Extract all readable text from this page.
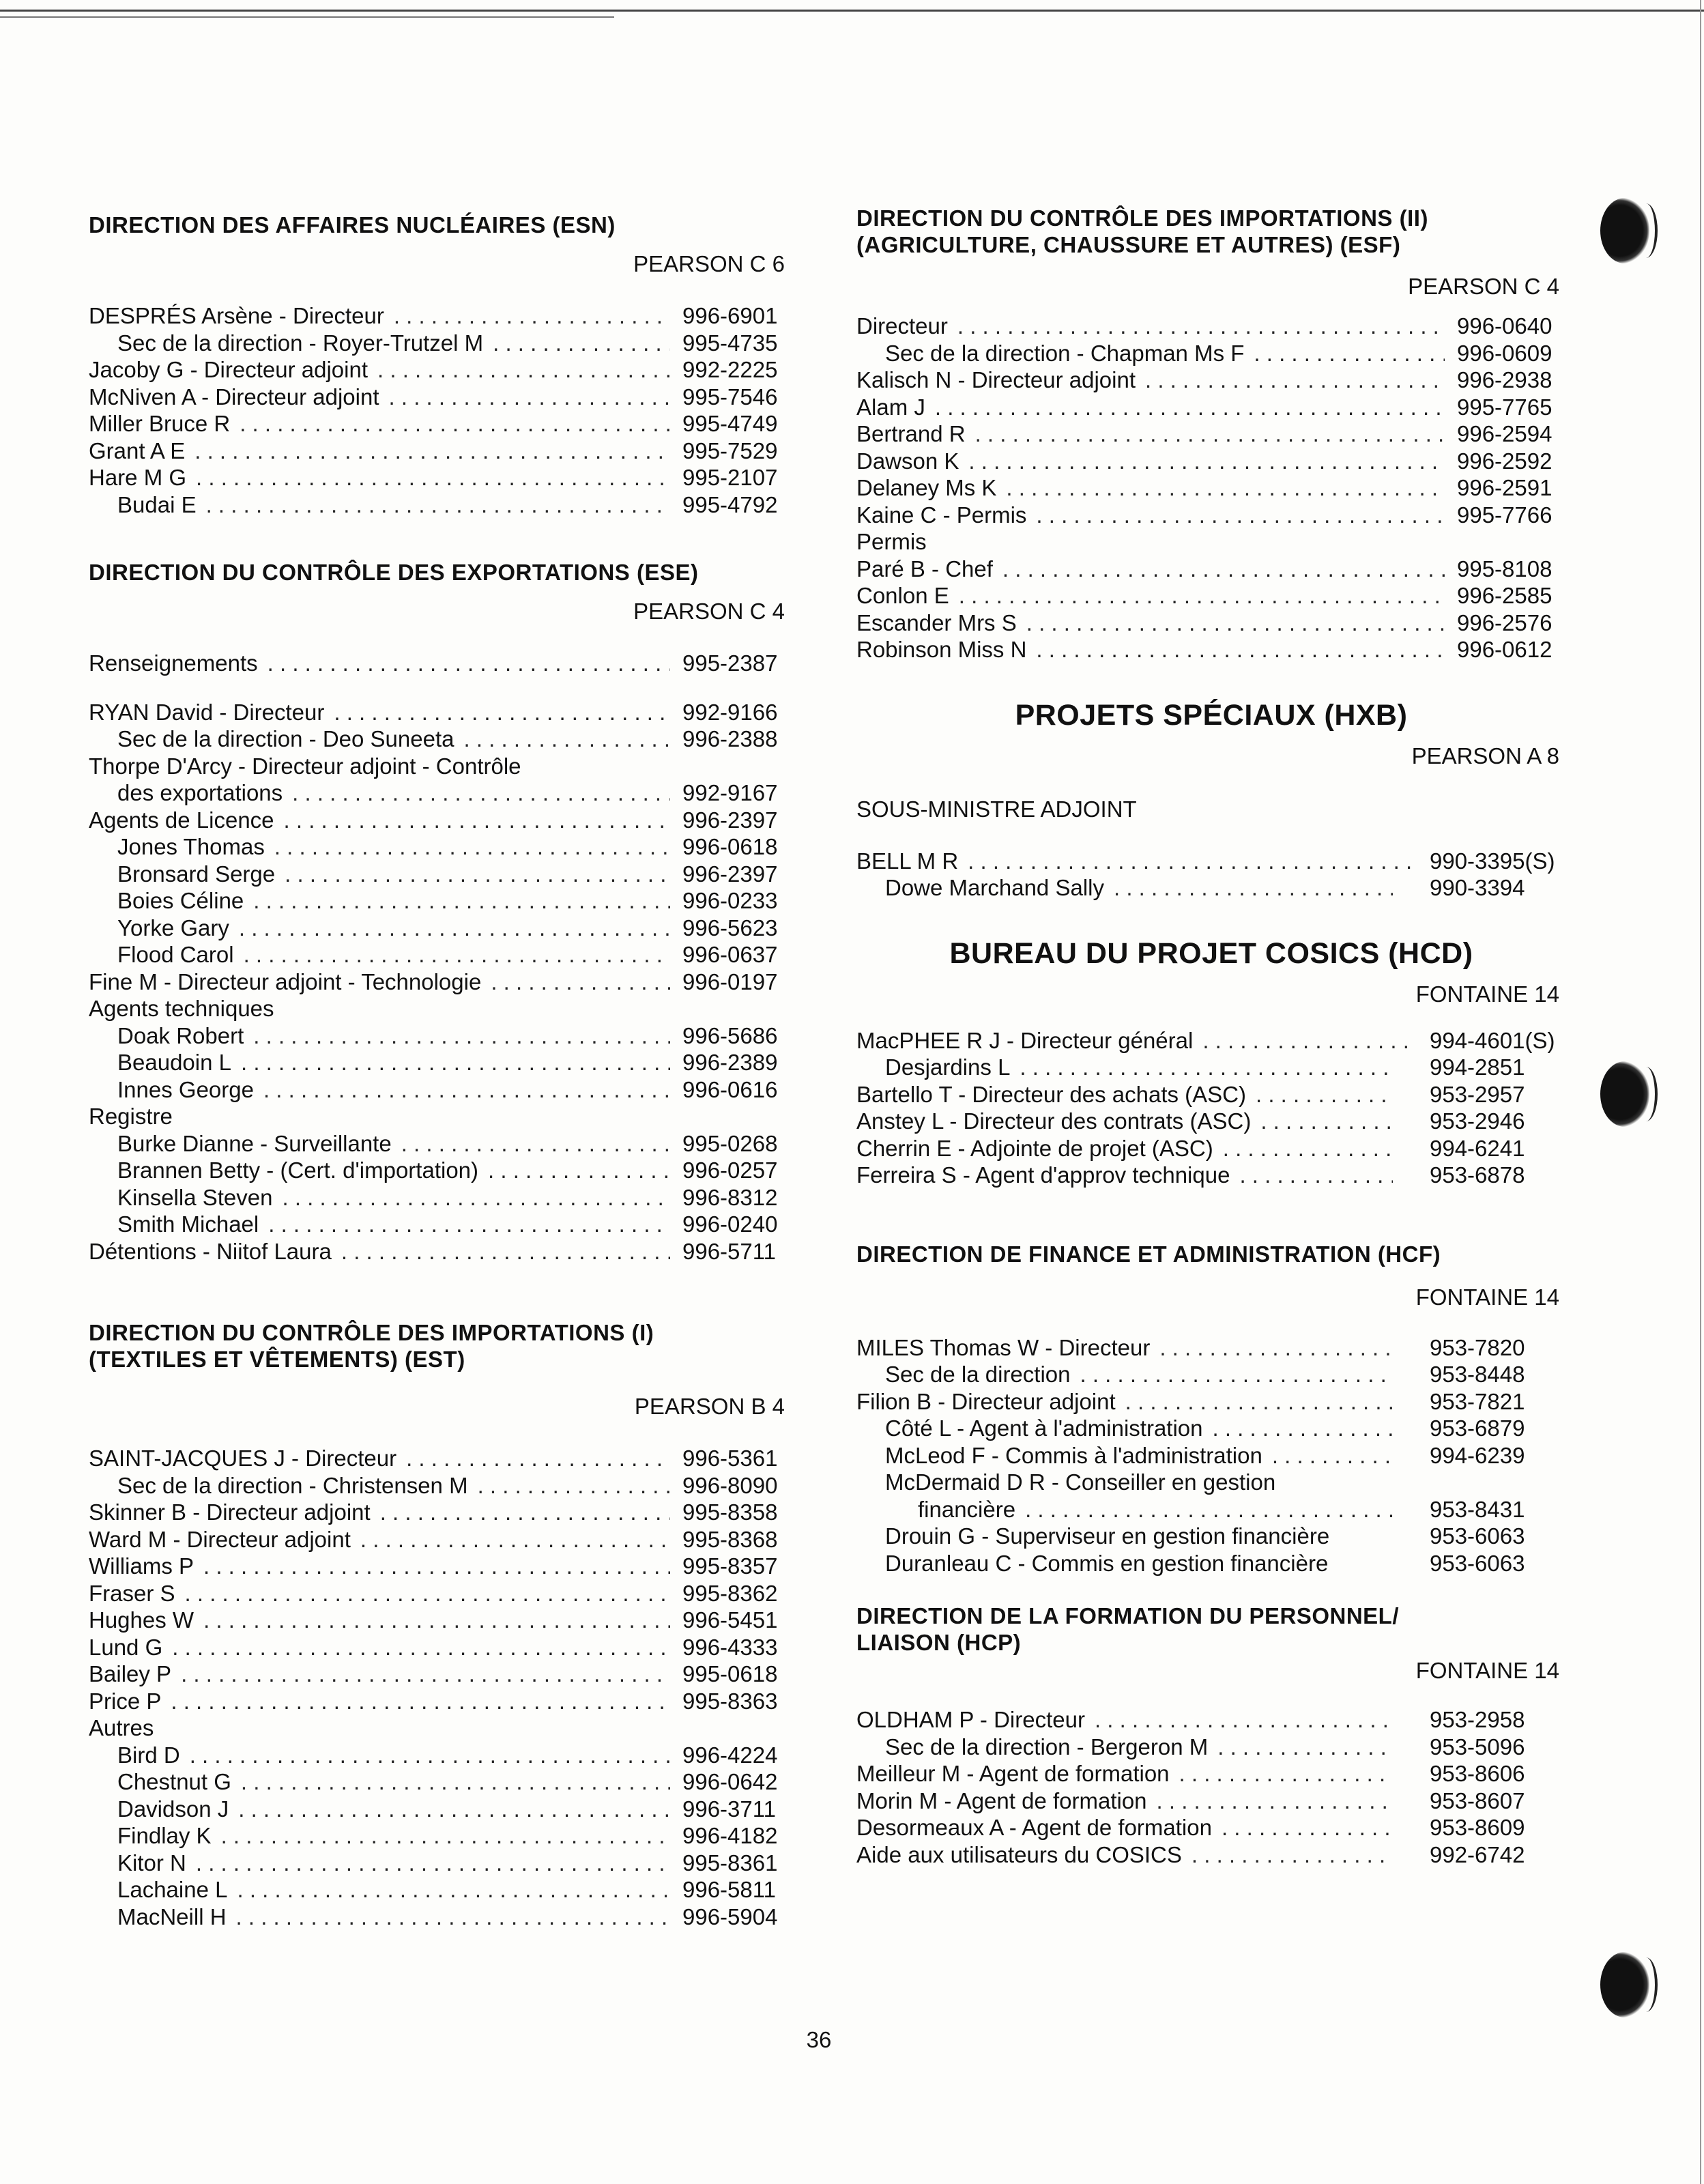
DIRECTION DES AFFAIRES NUCLÉAIRES (ESN)
PEARSON C 6
DESPRÉS Arsène - Directeur . . .	996-6901
Sec de la direction - Royer-Trutzel M . . .	995-4735
Jacoby G - Directeur adjoint . . .	992-2225
McNiven A - Directeur adjoint . . .	995-7546
Miller Bruce R . . .	995-4749
Grant A E . . .	995-7529
Hare M G . . .	995-2107
Budai E . . .	995-4792
DIRECTION DU CONTRÔLE DES EXPORTATIONS (ESE)
PEARSON C 4
Renseignements . . .	995-2387
RYAN David - Directeur . . .	992-9166
Sec de la direction - Deo Suneeta . . .	996-2388
Thorpe D'Arcy - Directeur adjoint - Contrôle
des exportations . . .	992-9167
Agents de Licence . . .	996-2397
Jones Thomas . . .	996-0618
Bronsard Serge . . .	996-2397
Boies Céline . . .	996-0233
Yorke Gary . . .	996-5623
Flood Carol . . .	996-0637
Fine M - Directeur adjoint - Technologie . . .	996-0197
Agents techniques
Doak Robert . . .	996-5686
Beaudoin L . . .	996-2389
Innes George . . .	996-0616
Registre
Burke Dianne - Surveillante . . .	995-0268
Brannen Betty - (Cert. d'importation) . . .	996-0257
Kinsella Steven . . .	996-8312
Smith Michael . . .	996-0240
Détentions - Niitof Laura . . .	996-5711
DIRECTION DU CONTRÔLE DES IMPORTATIONS (I)
(TEXTILES ET VÊTEMENTS) (EST)
PEARSON B 4
SAINT-JACQUES J - Directeur . . .	996-5361
Sec de la direction - Christensen M . . .	996-8090
Skinner B - Directeur adjoint . . .	995-8358
Ward M - Directeur adjoint . . .	995-8368
Williams P . . .	995-8357
Fraser S . . .	995-8362
Hughes W . . .	996-5451
Lund G . . .	996-4333
Bailey P . . .	995-0618
Price P . . .	995-8363
Autres
Bird D . . .	996-4224
Chestnut G . . .	996-0642
Davidson J . . .	996-3711
Findlay K . . .	996-4182
Kitor N . . .	995-8361
Lachaine L . . .	996-5811
MacNeill H . . .	996-5904
DIRECTION DU CONTRÔLE DES IMPORTATIONS (II)
(AGRICULTURE, CHAUSSURE ET AUTRES) (ESF)
PEARSON C 4
Directeur . . .	996-0640
Sec de la direction - Chapman Ms F . . .	996-0609
Kalisch N - Directeur adjoint . . .	996-2938
Alam J . . .	995-7765
Bertrand R . . .	996-2594
Dawson K . . .	996-2592
Delaney Ms K . . .	996-2591
Kaine C - Permis . . .	995-7766
Permis
Paré B - Chef . . .	995-8108
Conlon E . . .	996-2585
Escander Mrs S . . .	996-2576
Robinson Miss N . . .	996-0612
PROJETS SPÉCIAUX (HXB)
PEARSON A 8
SOUS-MINISTRE ADJOINT
BELL M R . . .	990-3395(S)
Dowe Marchand Sally . . .	990-3394
BUREAU DU PROJET COSICS (HCD)
FONTAINE 14
MacPHEE R J - Directeur général . . .	994-4601(S)
Desjardins L . . .	994-2851
Bartello T - Directeur des achats (ASC) . . .	953-2957
Anstey L - Directeur des contrats (ASC) . . .	953-2946
Cherrin E - Adjointe de projet (ASC) . . .	994-6241
Ferreira S - Agent d'approv technique . . .	953-6878
DIRECTION DE FINANCE ET ADMINISTRATION (HCF)
FONTAINE 14
MILES Thomas W - Directeur . . .	953-7820
Sec de la direction . . .	953-8448
Filion B - Directeur adjoint . . .	953-7821
Côté L - Agent à l'administration . . .	953-6879
McLeod F - Commis à l'administration . . .	994-6239
McDermaid D R - Conseiller en gestion
financière . . .	953-8431
Drouin G - Superviseur en gestion financière	953-6063
Duranleau C - Commis en gestion financière	953-6063
DIRECTION DE LA FORMATION DU PERSONNEL/
LIAISON (HCP)
FONTAINE 14
OLDHAM P - Directeur . . .	953-2958
Sec de la direction - Bergeron M . . .	953-5096
Meilleur M - Agent de formation . . .	953-8606
Morin M - Agent de formation . . .	953-8607
Desormeaux A - Agent de formation . . .	953-8609
Aide aux utilisateurs du COSICS . . .	992-6742
36
